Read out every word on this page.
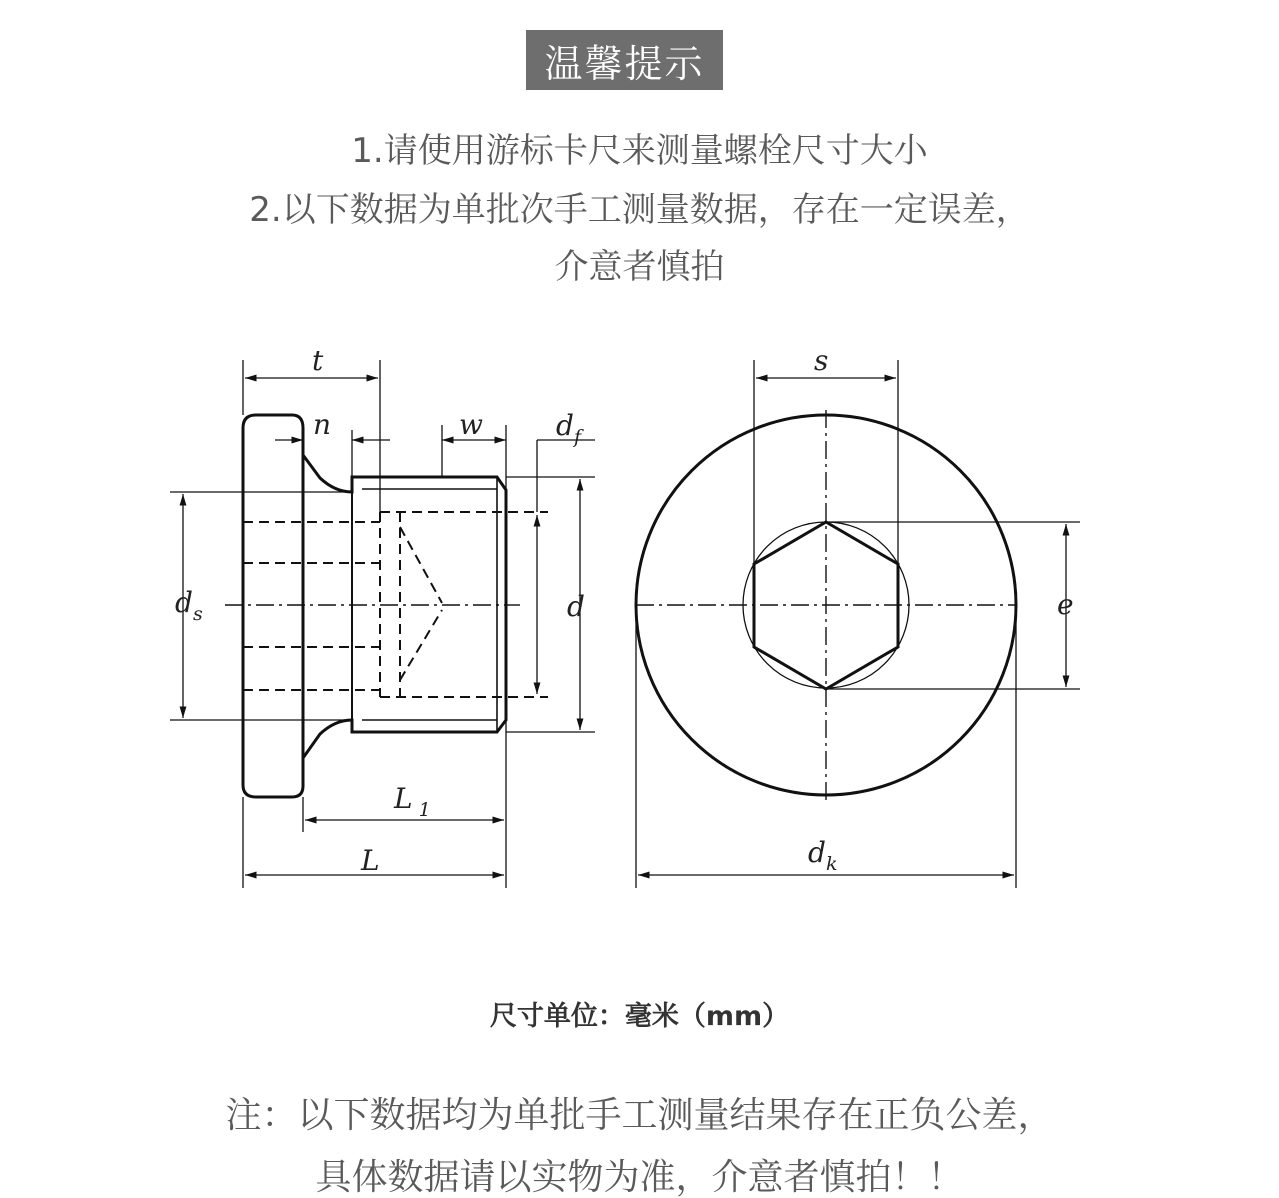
温馨提示
1.请使用游标卡尺来测量螺栓尺寸大小
2.以下数据为单批次手工测量数据，存在一定误差，
介意者慎拍
t
n	w	$d_f$
$d_s$	d
L $_1$
L
s
e
$d_k$
尺寸单位：毫米（mm）
注：以下数据均为单批手工测量结果存在正负公差，
具体数据请以实物为准，介意者慎拍！！
